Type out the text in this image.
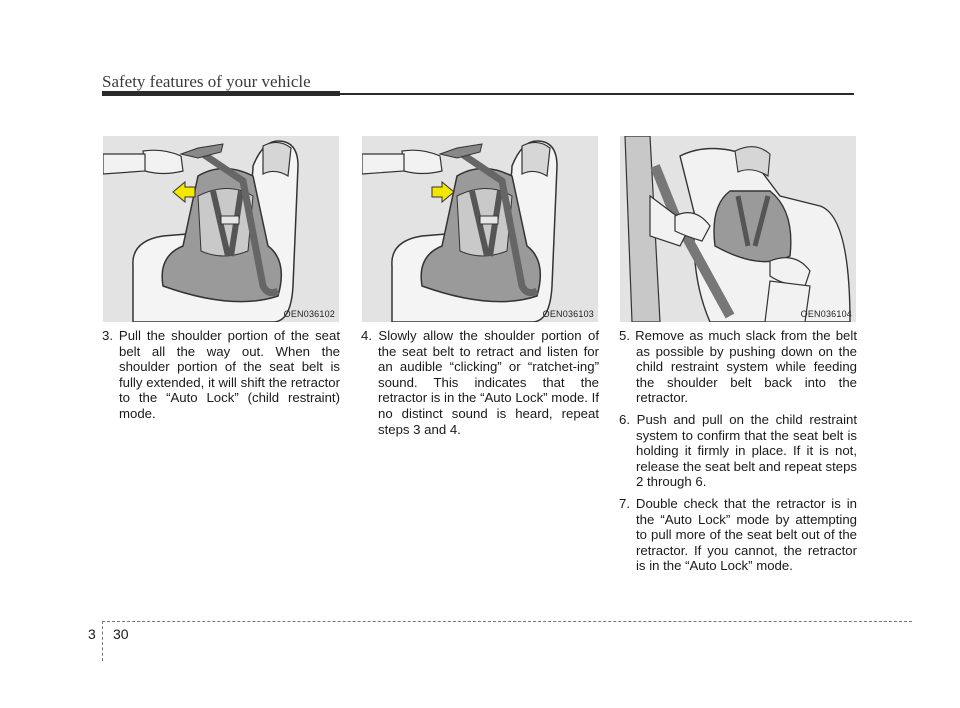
Safety features of your vehicle
OEN036102	OEN036103	OEN036104

3. Pull the shoulder portion of the seat belt all the way out. When the shoulder portion of the seat belt is fully extended, it will shift the retractor to the “Auto Lock” (child restraint) mode.

4. Slowly allow the shoulder portion of the seat belt to retract and listen for an audible “clicking” or “ratchet-ing” sound. This indicates that the retractor is in the “Auto Lock” mode. If no distinct sound is heard, repeat steps 3 and 4.

5. Remove as much slack from the belt as possible by pushing down on the child restraint system while feeding the shoulder belt back into the retractor.

6. Push and pull on the child restraint system to confirm that the seat belt is holding it firmly in place. If it is not, release the seat belt and repeat steps 2 through 6.

7. Double check that the retractor is in the “Auto Lock” mode by attempting to pull more of the seat belt out of the retractor. If you cannot, the retractor is in the “Auto Lock” mode.

3 30
